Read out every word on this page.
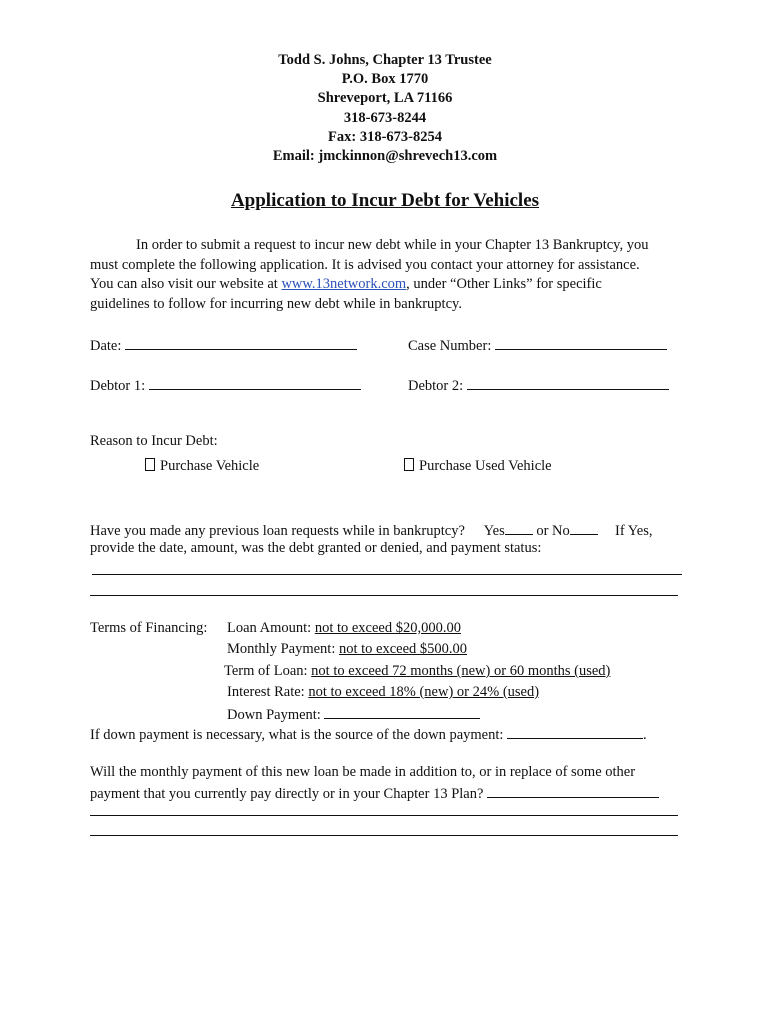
Todd S. Johns, Chapter 13 Trustee
P.O. Box 1770
Shreveport, LA 71166
318-673-8244
Fax: 318-673-8254
Email: jmckinnon@shrevech13.com
Application to Incur Debt for Vehicles
In order to submit a request to incur new debt while in your Chapter 13 Bankruptcy, you
must complete the following application. It is advised you contact your attorney for assistance.
You can also visit our website at www.13network.com, under “Other Links” for specific
guidelines to follow for incurring new debt while in bankruptcy.
Date:	Case Number:
Debtor 1:	Debtor 2:
Reason to Incur Debt:
Purchase Vehicle	Purchase Used Vehicle
Have you made any previous loan requests while in bankruptcy? Yes or No	If Yes,
provide the date, amount, was the debt granted or denied, and payment status:
Terms of Financing: Loan Amount: not to exceed $20,000.00
Monthly Payment: not to exceed $500.00
Term of Loan: not to exceed 72 months (new) or 60 months (used)
Interest Rate: not to exceed 18% (new) or 24% (used)
Down Payment:
If down payment is necessary, what is the source of the down payment:	.
Will the monthly payment of this new loan be made in addition to, or in replace of some other
payment that you currently pay directly or in your Chapter 13 Plan?
